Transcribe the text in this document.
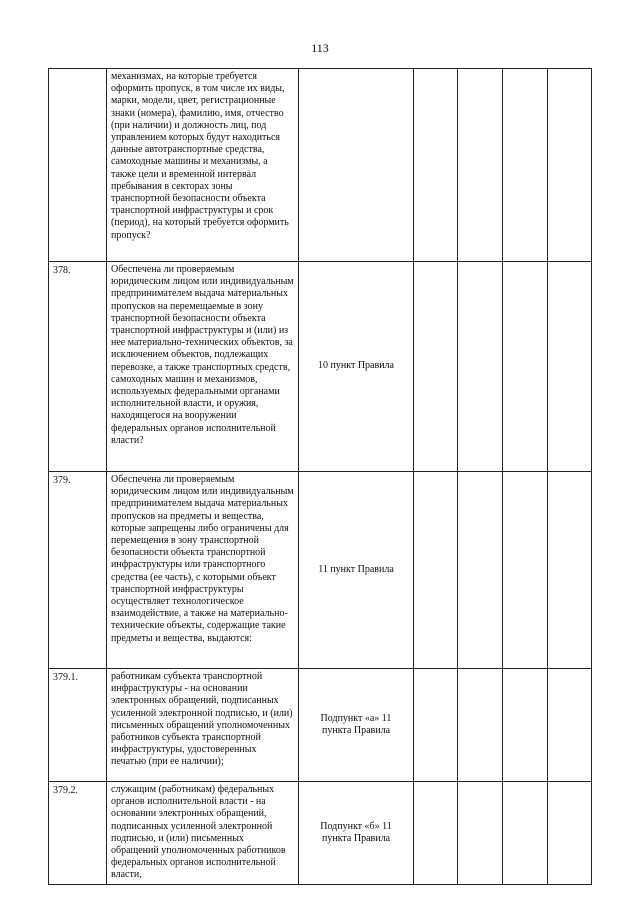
113
	механизмах, на которые требуется оформить пропуск, в том числе их виды, марки, модели, цвет, регистрационные знаки (номера), фамилию, имя, отчество (при наличии) и должность лиц, под управлением которых будут находиться данные автотранспортные средства, самоходные машины и механизмы, а также цели и временной интервал пребывания в секторах зоны транспортной безопасности объекта транспортной инфраструктуры и срок (период), на который требуется оформить пропуск?	

378.	Обеспечена ли проверяемым юридическим лицом или индивидуальным предпринимателем выдача материальных пропусков на перемещаемые в зону транспортной безопасности объекта транспортной инфраструктуры и (или) из нее материально-технических объектов, за исключением объектов, подлежащих перевозке, а также транспортных средств, самоходных машин и механизмов, используемых федеральными органами исполнительной власти, и оружия, находящегося на вооружении федеральных органов исполнительной власти?	10 пункт Правила				

379.	Обеспечена ли проверяемым юридическим лицом или индивидуальным предпринимателем выдача материальных пропусков на предметы и вещества, которые запрещены либо ограничены для перемещения в зону транспортной безопасности объекта транспортной инфраструктуры или транспортного средства (ее часть), с которыми объект транспортной инфраструктуры осуществляет технологическое взаимодействие, а также на материально-технические объекты, содержащие такие предметы и вещества, выдаются:	11 пункт Правила				

379.1.	работникам субъекта транспортной инфраструктуры - на основании электронных обращений, подписанных усиленной электронной подписью, и (или) письменных обращений уполномоченных работников субъекта транспортной инфраструктуры, удостоверенных печатью (при ее наличии);	Подпункт «а» 11 пункта Правила				

379.2.	служащим (работникам) федеральных органов исполнительной власти - на основании электронных обращений, подписанных усиленной электронной подписью, и (или) письменных обращений уполномоченных работников федеральных органов исполнительной власти,	Подпункт «б» 11 пункта Правила				
